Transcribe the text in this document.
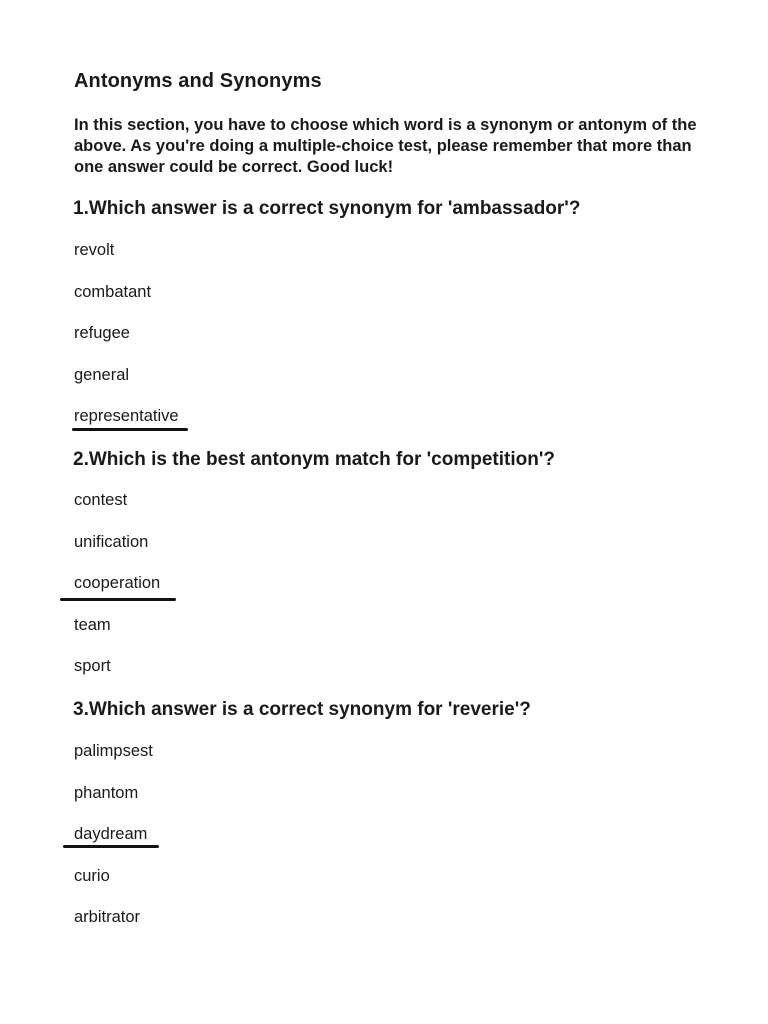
Antonyms and Synonyms

In this section, you have to choose which word is a synonym or antonym of the above. As you're doing a multiple-choice test, please remember that more than one answer could be correct. Good luck!

1.Which answer is a correct synonym for 'ambassador'?

revolt

combatant

refugee

general

representative

2.Which is the best antonym match for 'competition'?

contest

unification

cooperation

team

sport

3.Which answer is a correct synonym for 'reverie'?

palimpsest

phantom

daydream

curio

arbitrator
